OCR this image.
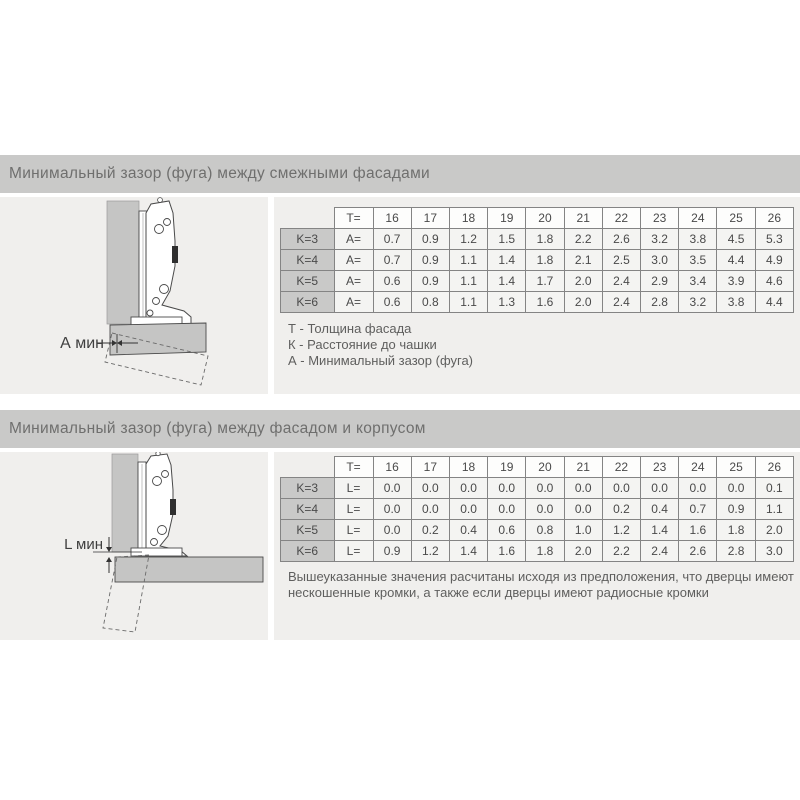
Минимальный зазор (фуга) между смежными фасадами
А мин
	T=	16	17	18	19	20	21	22	23	24	25	26
K=3	A=	0.7	0.9	1.2	1.5	1.8	2.2	2.6	3.2	3.8	4.5	5.3
K=4	A=	0.7	0.9	1.1	1.4	1.8	2.1	2.5	3.0	3.5	4.4	4.9
K=5	A=	0.6	0.9	1.1	1.4	1.7	2.0	2.4	2.9	3.4	3.9	4.6
K=6	A=	0.6	0.8	1.1	1.3	1.6	2.0	2.4	2.8	3.2	3.8	4.4
Т - Толщина фасада
К - Расстояние до чашки
А - Минимальный зазор (фуга)
Минимальный зазор (фуга) между фасадом и корпусом
L мин
	T=	16	17	18	19	20	21	22	23	24	25	26
K=3	L=	0.0	0.0	0.0	0.0	0.0	0.0	0.0	0.0	0.0	0.0	0.1
K=4	L=	0.0	0.0	0.0	0.0	0.0	0.0	0.2	0.4	0.7	0.9	1.1
K=5	L=	0.0	0.2	0.4	0.6	0.8	1.0	1.2	1.4	1.6	1.8	2.0
K=6	L=	0.9	1.2	1.4	1.6	1.8	2.0	2.2	2.4	2.6	2.8	3.0
Вышеуказанные значения расчитаны исходя из предположения, что дверцы имеют
нескошенные кромки, а также если дверцы имеют радиосные кромки
